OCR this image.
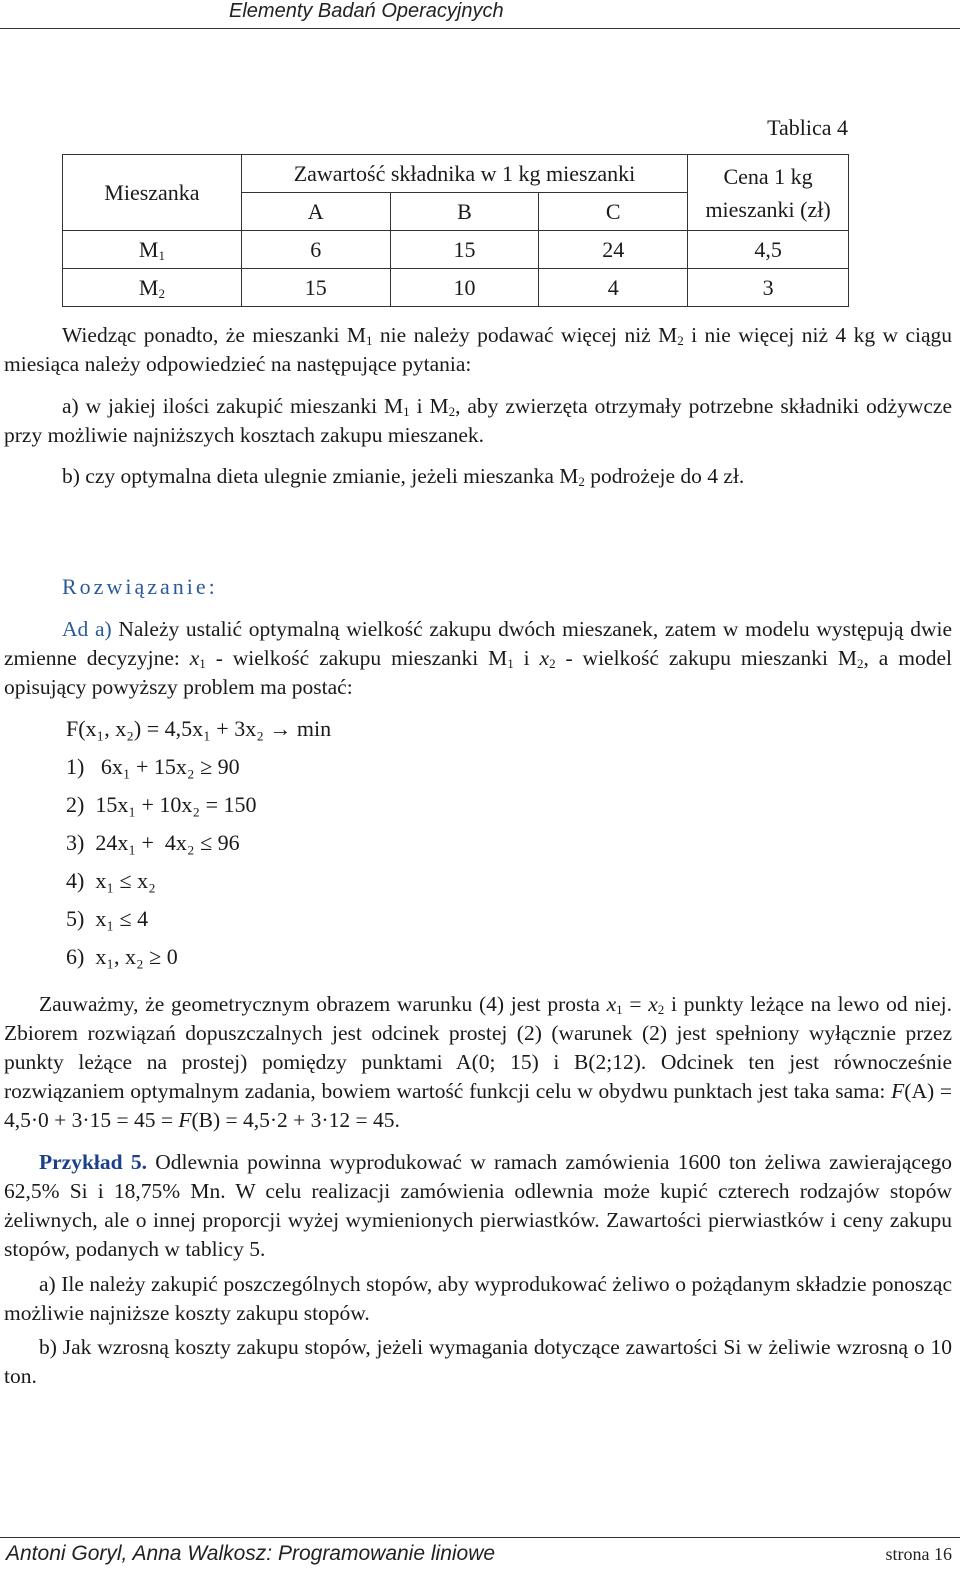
Elementy Badań Operacyjnych
Tablica 4
Mieszanka	Zawartość składnika w 1 kg mieszanki			Cena 1 kg
mieszanki (zł)
	A	B	C	
$M_1$	6	15	24	4,5
$M_2$	15	10	4	3
Wiedząc ponadto, że mieszanki $M_1$ nie należy podawać więcej niż $M_2$ i nie więcej niż 4 kg w ciągu miesiąca należy odpowiedzieć na następujące pytania:
a) w jakiej ilości zakupić mieszanki $M_1$ i $M_2$, aby zwierzęta otrzymały potrzebne składniki odżywcze przy możliwie najniższych kosztach zakupu mieszanek.
b) czy optymalna dieta ulegnie zmianie, jeżeli mieszanka $M_2$ podrożeje do 4 zł.
Rozwiązanie:
Ad a) Należy ustalić optymalną wielkość zakupu dwóch mieszanek, zatem w modelu występują dwie zmienne decyzyjne: $x_1$ - wielkość zakupu mieszanki $M_1$ i $x_2$ - wielkość zakupu mieszanki $M_2$, a model opisujący powyższy problem ma postać:
F(x₁, x₂) = 4,5x₁ + 3x₂ → min
1)   6x₁ + 15x₂ ≥ 90
2)  15x₁ + 10x₂ = 150
3)  24x₁ +  4x₂ ≤ 96
4)  x₁ ≤ x₂
5)  x₁ ≤ 4
6)  x₁, x₂ ≥ 0
Zauważmy, że geometrycznym obrazem warunku (4) jest prosta $x_1 = x_2$ i punkty leżące na lewo od niej. Zbiorem rozwiązań dopuszczalnych jest odcinek prostej (2) (warunek (2) jest spełniony wyłącznie przez punkty leżące na prostej) pomiędzy punktami A(0; 15) i B(2;12). Odcinek ten jest równocześnie rozwiązaniem optymalnym zadania, bowiem wartość funkcji celu w obydwu punktach jest taka sama: F(A) = 4,5·0 + 3·15 = 45 = F(B) = 4,5·2 + 3·12 = 45.
Przykład 5. Odlewnia powinna wyprodukować w ramach zamówienia 1600 ton żeliwa zawierającego 62,5% Si i 18,75% Mn. W celu realizacji zamówienia odlewnia może kupić czterech rodzajów stopów żeliwnych, ale o innej proporcji wyżej wymienionych pierwiastków. Zawartości pierwiastków i ceny zakupu stopów, podanych w tablicy 5.
a) Ile należy zakupić poszczególnych stopów, aby wyprodukować żeliwo o pożądanym składzie ponosząc możliwie najniższe koszty zakupu stopów.
b) Jak wzrosną koszty zakupu stopów, jeżeli wymagania dotyczące zawartości Si w żeliwie wzrosną o 10 ton.
Antoni Goryl, Anna Walkosz: Programowanie liniowe	strona 16
